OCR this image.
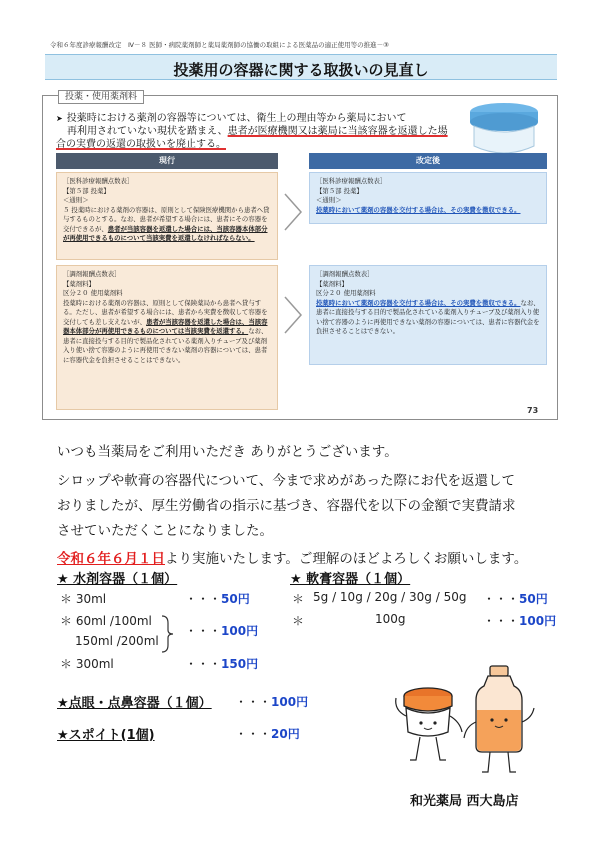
令和６年度診療報酬改定　Ⅳ－８ 医師・病院薬剤師と薬局薬剤師の協働の取組による医薬品の適正使用等の推進－③
投薬用の容器に関する取扱いの見直し
投薬・使用薬剤料
➤ 投薬時における薬剤の容器等については、衛生上の理由等から薬局において
再利用されていない現状を踏まえ、患者が医療機関又は薬局に当該容器を返還した場合の実費の返還の取扱いを廃止する。
現行	改定後
［医科診療報酬点数表］
【第５部 投薬】
＜通則＞
５ 投薬時における薬剤の容器は、原則として保険医療機関から患者へ貸与するものとする。なお、患者が希望する場合には、患者にその容器を交付できるが、患者が当該容器を返還した場合には、当該容器本体部分が再使用できるものについて当該実費を返還しなければならない。
［医科診療報酬点数表］
【第５部 投薬】
＜通則＞
投薬時において薬剤の容器を交付する場合は、その実費を徴収できる。
［調剤報酬点数表］
【薬剤料】
区分２０ 使用薬剤料
投薬時における薬剤の容器は、原則として保険薬局から患者へ貸与する。ただし、患者が希望する場合には、患者から実費を徴収して容器を交付しても差し支えないが、患者が当該容器を返還した場合は、当該容器本体部分が再使用できるものについては当該実費を返還する。なお、患者に直接投与する目的で製品化されている薬剤入りチューブ及び薬剤入り使い捨て容器のように再使用できない薬剤の容器については、患者に容器代金を負担させることはできない。
［調剤報酬点数表］
【薬剤料】
区分２０ 使用薬剤料
投薬時において薬剤の容器を交付する場合は、その実費を徴収できる。なお、患者に直接投与する目的で製品化されている薬剤入りチューブ及び薬剤入り使い捨て容器のように再使用できない薬剤の容器については、患者に容器代金を負担させることはできない。
73
いつも当薬局をご利用いただき ありがとうございます。
シロップや軟膏の容器代について、今まで求めがあった際にお代を返還して
おりましたが、厚生労働省の指示に基づき、容器代を以下の金額で実費請求
させていただくことになりました。
令和６年６月１日より実施いたします。ご理解のほどよろしくお願いします。
★ 水剤容器（１個）
＊ 30ml	・・・50円
＊ 60ml /100ml
150ml /200ml
・・・100円
＊ 300ml	・・・150円
★ 軟膏容器（１個）
＊ 5g / 10g / 20g / 30g / 50g ・・・50円
＊	100g	・・・100円
★点眼・点鼻容器（１個） ・・・100円
★スポイト(1個)	・・・20円
和光薬局 西大島店
